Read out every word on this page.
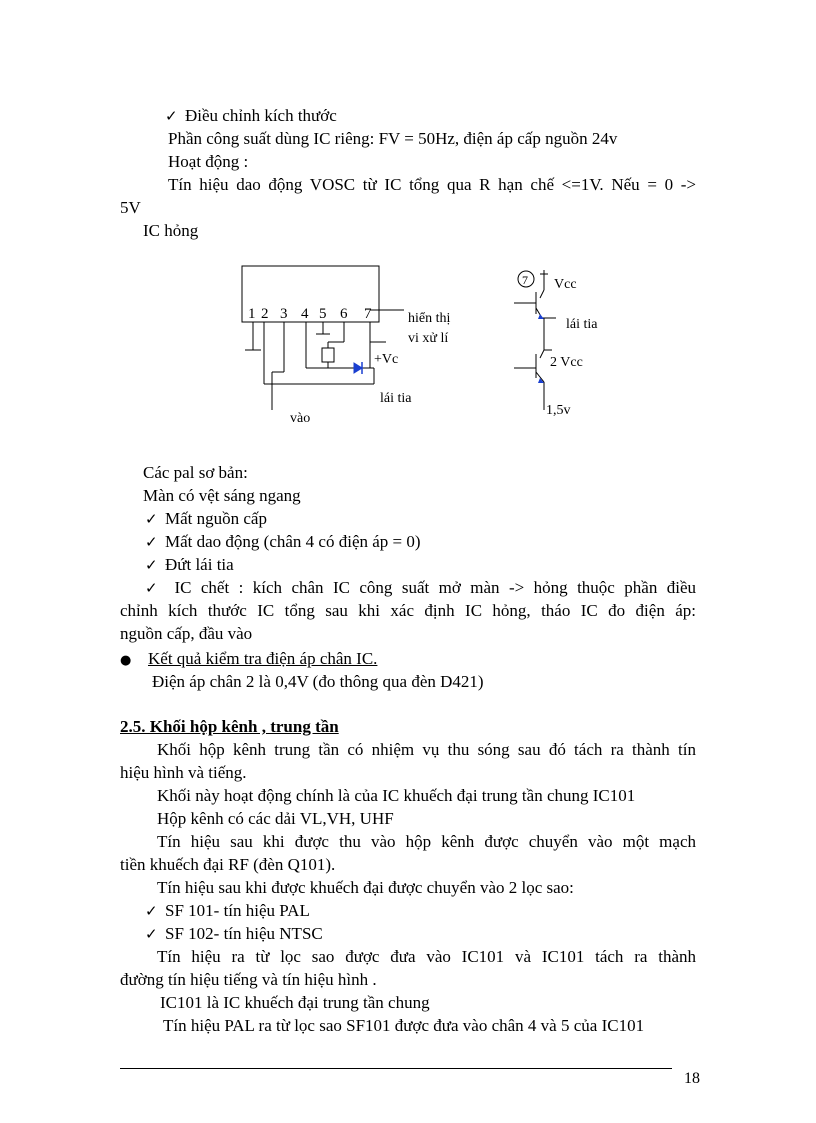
✓ Điều chỉnh kích thước
Phần công suất dùng IC riêng: FV = 50Hz, điện áp cấp nguồn 24v
Hoạt động :
Tín hiệu dao động VOSC từ IC tổng qua R hạn chế <=1V. Nếu = 0 ->
5V
IC hỏng
1 2 3 4 5 6 7	hiển thị
vi xử lí
+Vc
lái tia
vào
7 Vcc
lái tia
2 Vcc
1,5v
Các pal sơ bản:
Màn có vệt sáng ngang
✓ Mất nguồn cấp
✓ Mất dao động (chân 4 có điện áp = 0)
✓ Đứt lái tia
✓ IC chết : kích chân IC công suất mở màn -> hỏng thuộc phần điều
chỉnh kích thước IC tổng sau khi xác định IC hỏng, tháo IC đo điện áp:
nguồn cấp, đầu vào
● Kết quả kiểm tra điện áp chân IC.
Điện áp chân 2 là 0,4V (đo thông qua đèn D421)
2.5. Khối hộp kênh , trung tần
Khối hộp kênh trung tần có nhiệm vụ thu sóng sau đó tách ra thành tín
hiệu hình và tiếng.
Khối này hoạt động chính là của IC khuếch đại trung tần chung IC101
Hộp kênh có các dải VL,VH, UHF
Tín hiệu sau khi được thu vào hộp kênh được chuyển vào một mạch
tiền khuếch đại RF (đèn Q101).
Tín hiệu sau khi được khuếch đại được chuyển vào 2 lọc sao:
✓ SF 101- tín hiệu PAL
✓ SF 102- tín hiệu NTSC
Tín hiệu ra từ lọc sao được đưa vào IC101 và IC101 tách ra thành
đường tín hiệu tiếng và tín hiệu hình .
IC101 là IC khuếch đại trung tần chung
Tín hiệu PAL ra từ lọc sao SF101 được đưa vào chân 4 và 5 của IC101
18
